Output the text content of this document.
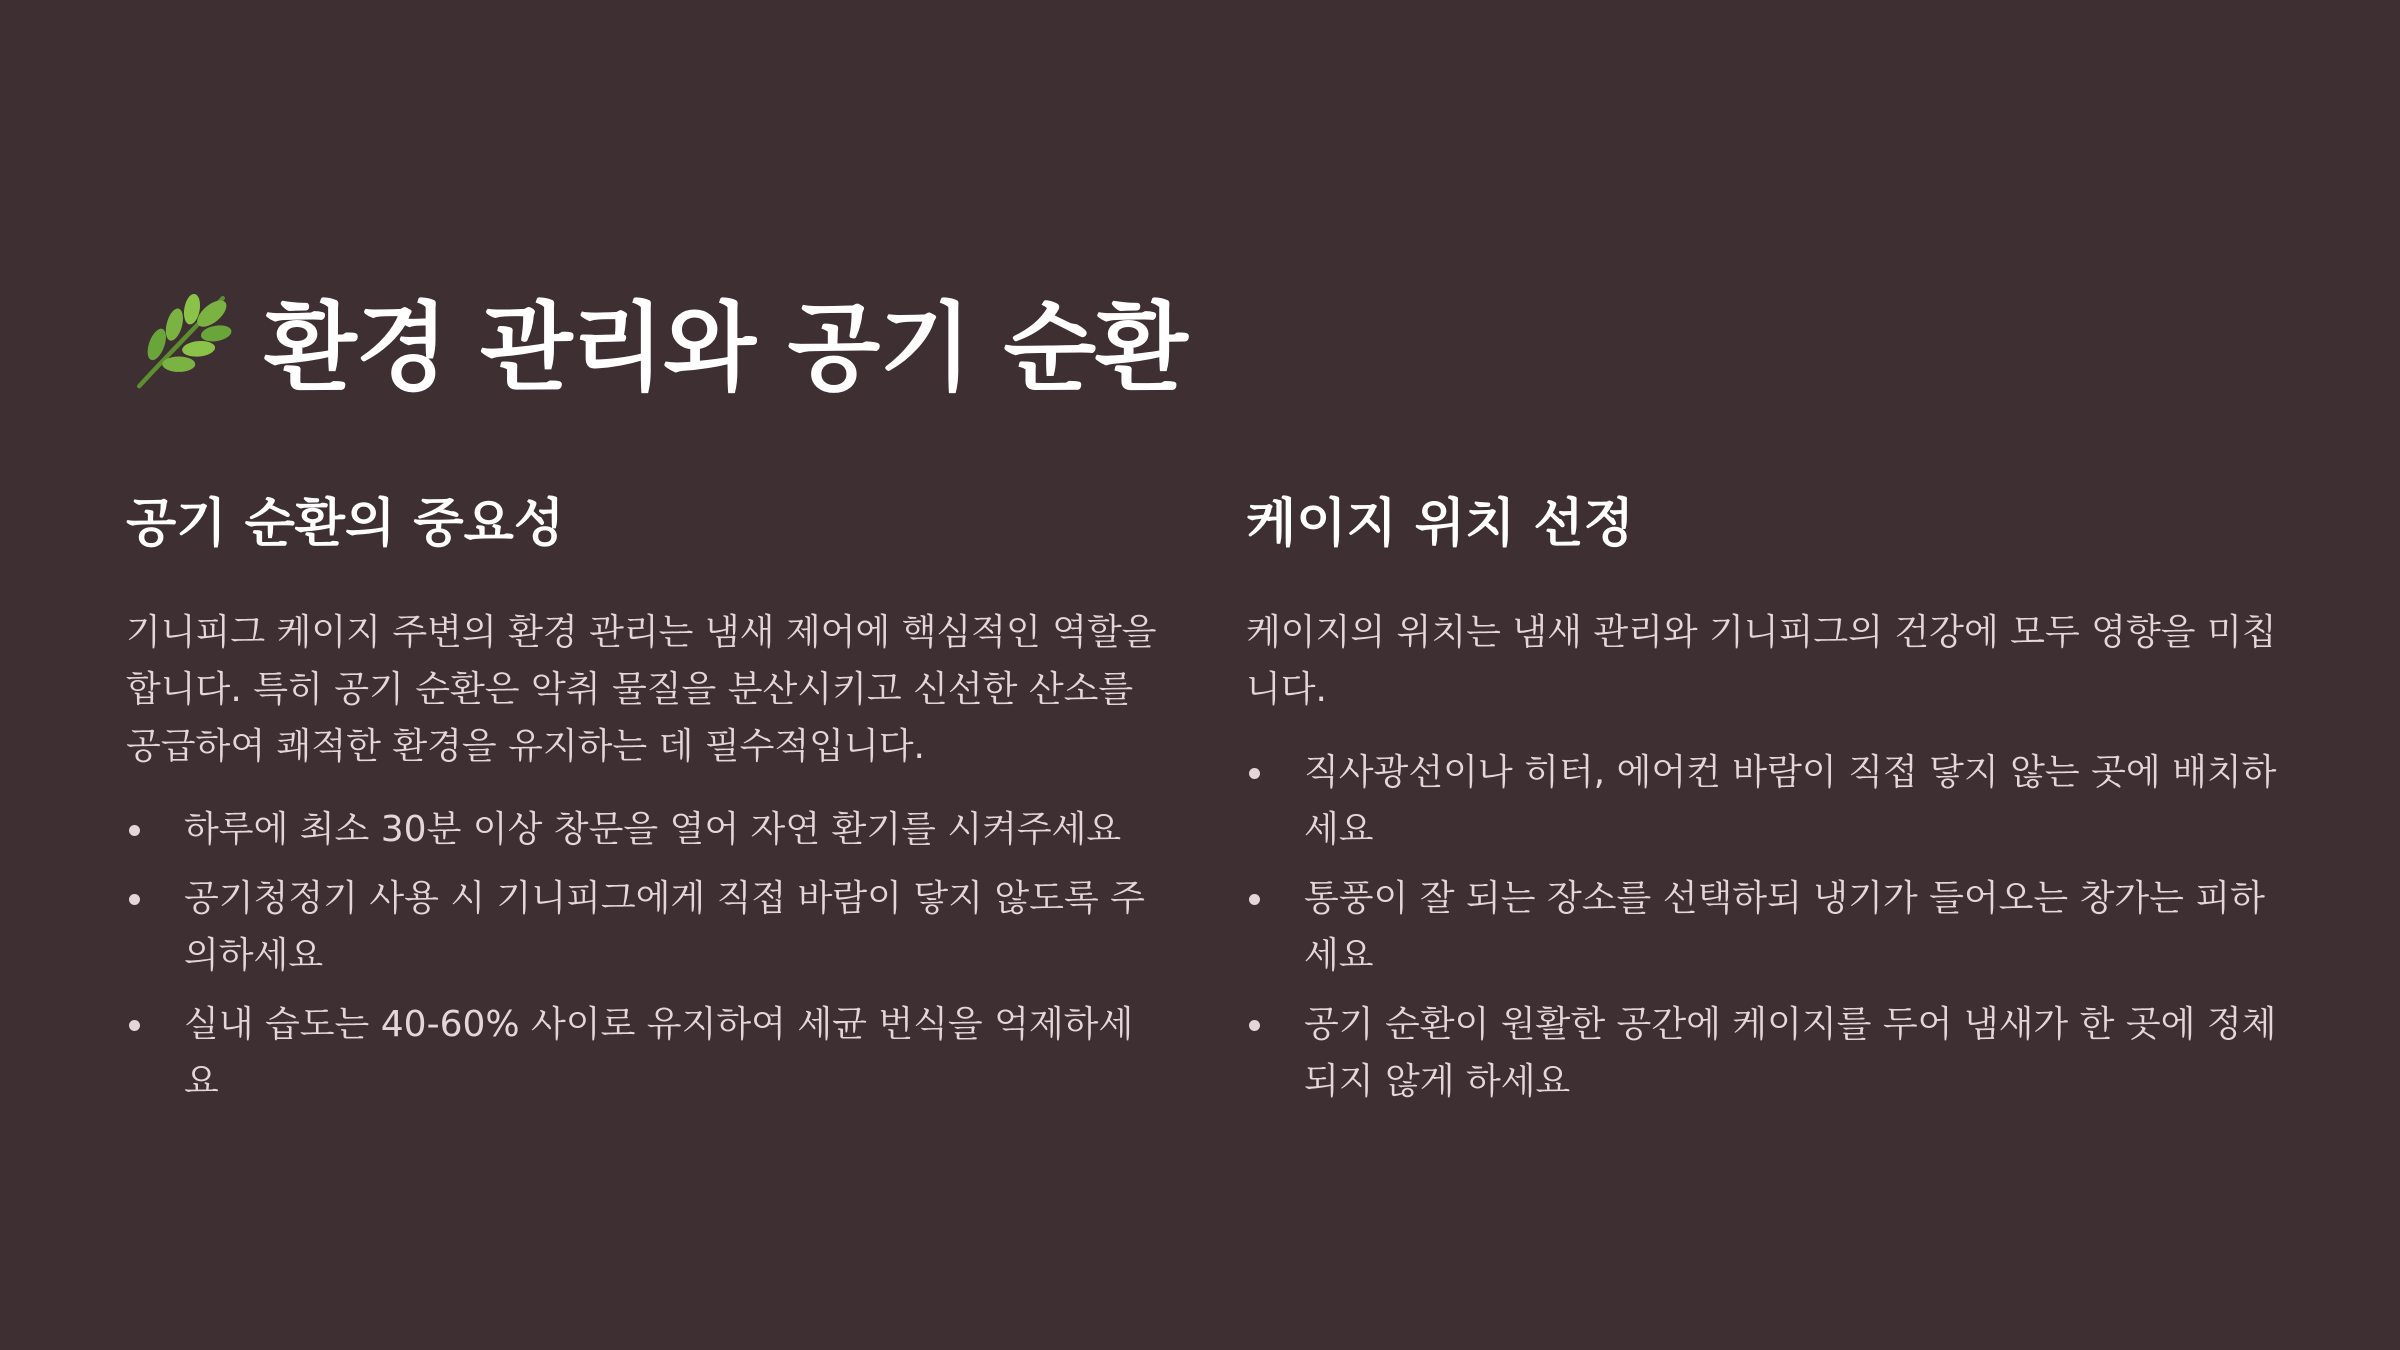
환경 관리와 공기 순환
공기 순환의 중요성
기니피그 케이지 주변의 환경 관리는 냄새 제어에 핵심적인 역할을 합니다. 특히 공기 순환은 악취 물질을 분산시키고 신선한 산소를 공급하여 쾌적한 환경을 유지하는 데 필수적입니다.
하루에 최소 30분 이상 창문을 열어 자연 환기를 시켜주세요
공기청정기 사용 시 기니피그에게 직접 바람이 닿지 않도록 주의하세요
실내 습도는 40-60% 사이로 유지하여 세균 번식을 억제하세요
케이지 위치 선정
케이지의 위치는 냄새 관리와 기니피그의 건강에 모두 영향을 미칩니다.
직사광선이나 히터, 에어컨 바람이 직접 닿지 않는 곳에 배치하세요
통풍이 잘 되는 장소를 선택하되 냉기가 들어오는 창가는 피하세요
공기 순환이 원활한 공간에 케이지를 두어 냄새가 한 곳에 정체되지 않게 하세요
